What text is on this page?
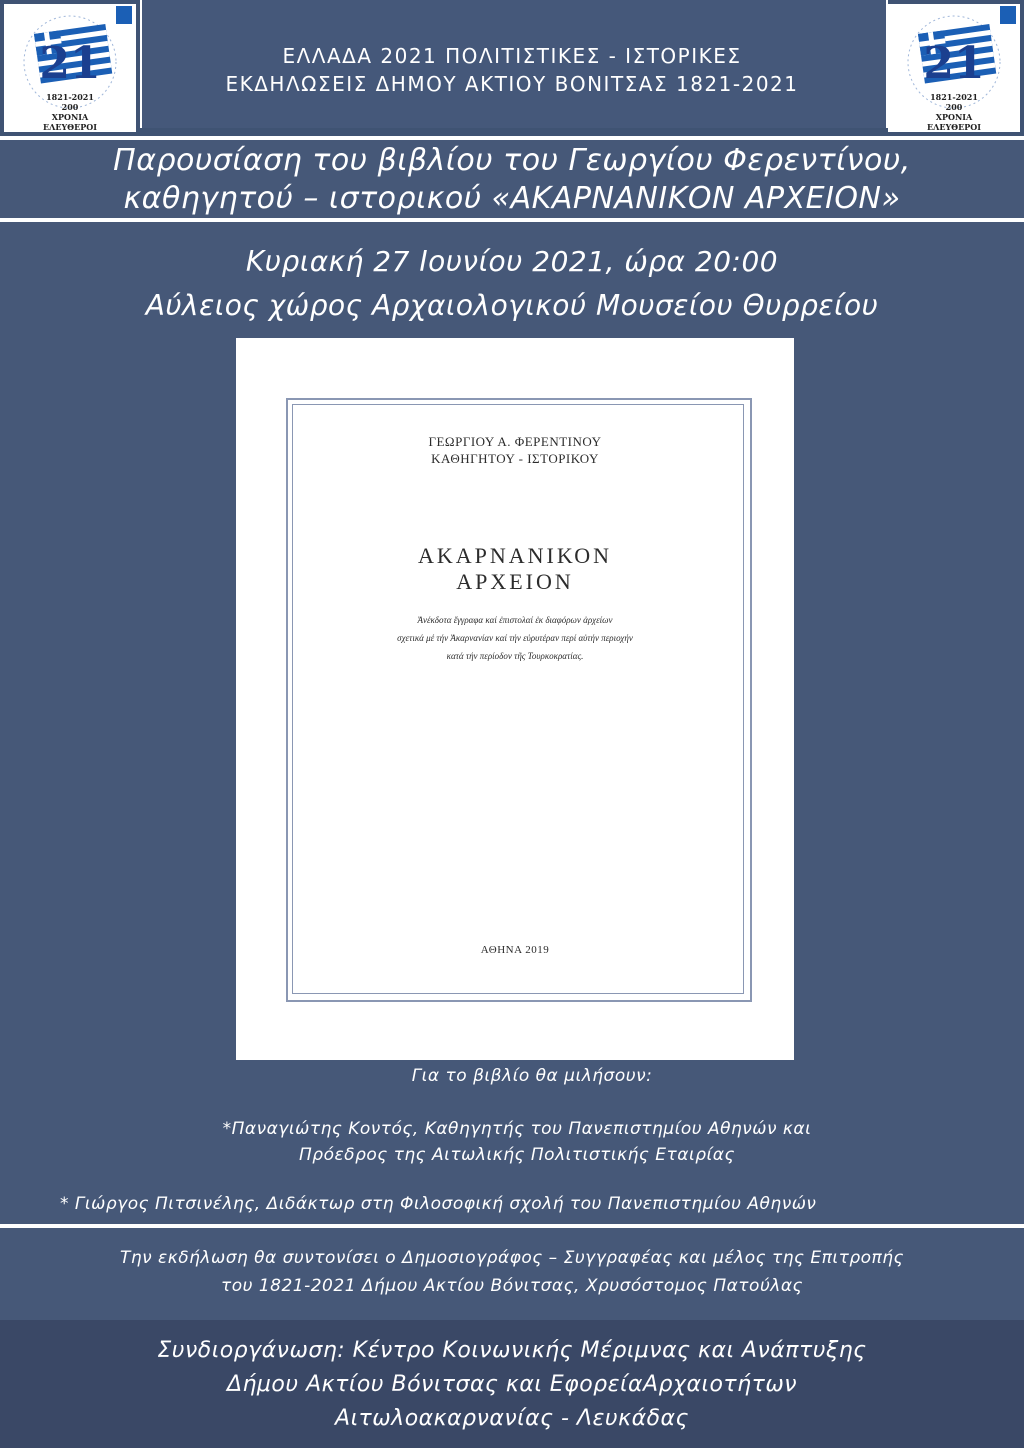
ΕΛΛΑΔΑ 2021 ΠΟΛΙΤΙΣΤΙΚΕΣ - ΙΣΤΟΡΙΚΕΣ
ΕΚΔΗΛΩΣΕΙΣ ΔΗΜΟΥ ΑΚΤΙΟΥ ΒΟΝΙΤΣΑΣ 1821-2021
21
1821-2021
200
ΧΡΟΝΙΑ
ΕΛΕΥΘΕΡΟΙ
21
1821-2021
200
ΧΡΟΝΙΑ
ΕΛΕΥΘΕΡΟΙ
Παρουσίαση του βιβλίου του Γεωργίου Φερεντίνου,
καθηγητού – ιστορικού «ΑΚΑΡΝΑΝΙΚΟΝ ΑΡΧΕΙΟΝ»
Κυριακή 27 Ιουνίου 2021, ώρα 20:00
Αύλειος χώρος Αρχαιολογικού Μουσείου Θυρρείου
ΓΕΩΡΓΙΟΥ Α. ΦΕΡΕΝΤΙΝΟΥ
ΚΑΘΗΓΗΤΟΥ - ΙΣΤΟΡΙΚΟΥ
ΑΚΑΡΝΑΝΙΚΟΝ
ΑΡΧΕΙΟΝ
Ἀνέκδοτα ἔγγραφα καί ἐπιστολαί ἐκ διαφόρων ἀρχείων
σχετικά μέ τήν Ἀκαρνανίαν καί τήν εὐρυτέραν περί αὐτήν περιοχήν
κατά τήν περίοδον τῆς Τουρκοκρατίας.
ΑΘΗΝΑ 2019
Για το βιβλίο θα μιλήσουν:
*Παναγιώτης Κοντός, Καθηγητής του Πανεπιστημίου Αθηνών και
Πρόεδρος της Αιτωλικής Πολιτιστικής Εταιρίας
* Γιώργος Πιτσινέλης, Διδάκτωρ στη Φιλοσοφική σχολή του Πανεπιστημίου Αθηνών
Την εκδήλωση θα συντονίσει ο Δημοσιογράφος – Συγγραφέας και μέλος της Επιτροπής
του 1821-2021 Δήμου Ακτίου Βόνιτσας, Χρυσόστομος Πατούλας
Συνδιοργάνωση: Κέντρο Κοινωνικής Μέριμνας και Ανάπτυξης
Δήμου Ακτίου Βόνιτσας και ΕφορείαΑρχαιοτήτων
Αιτωλοακαρνανίας - Λευκάδας
